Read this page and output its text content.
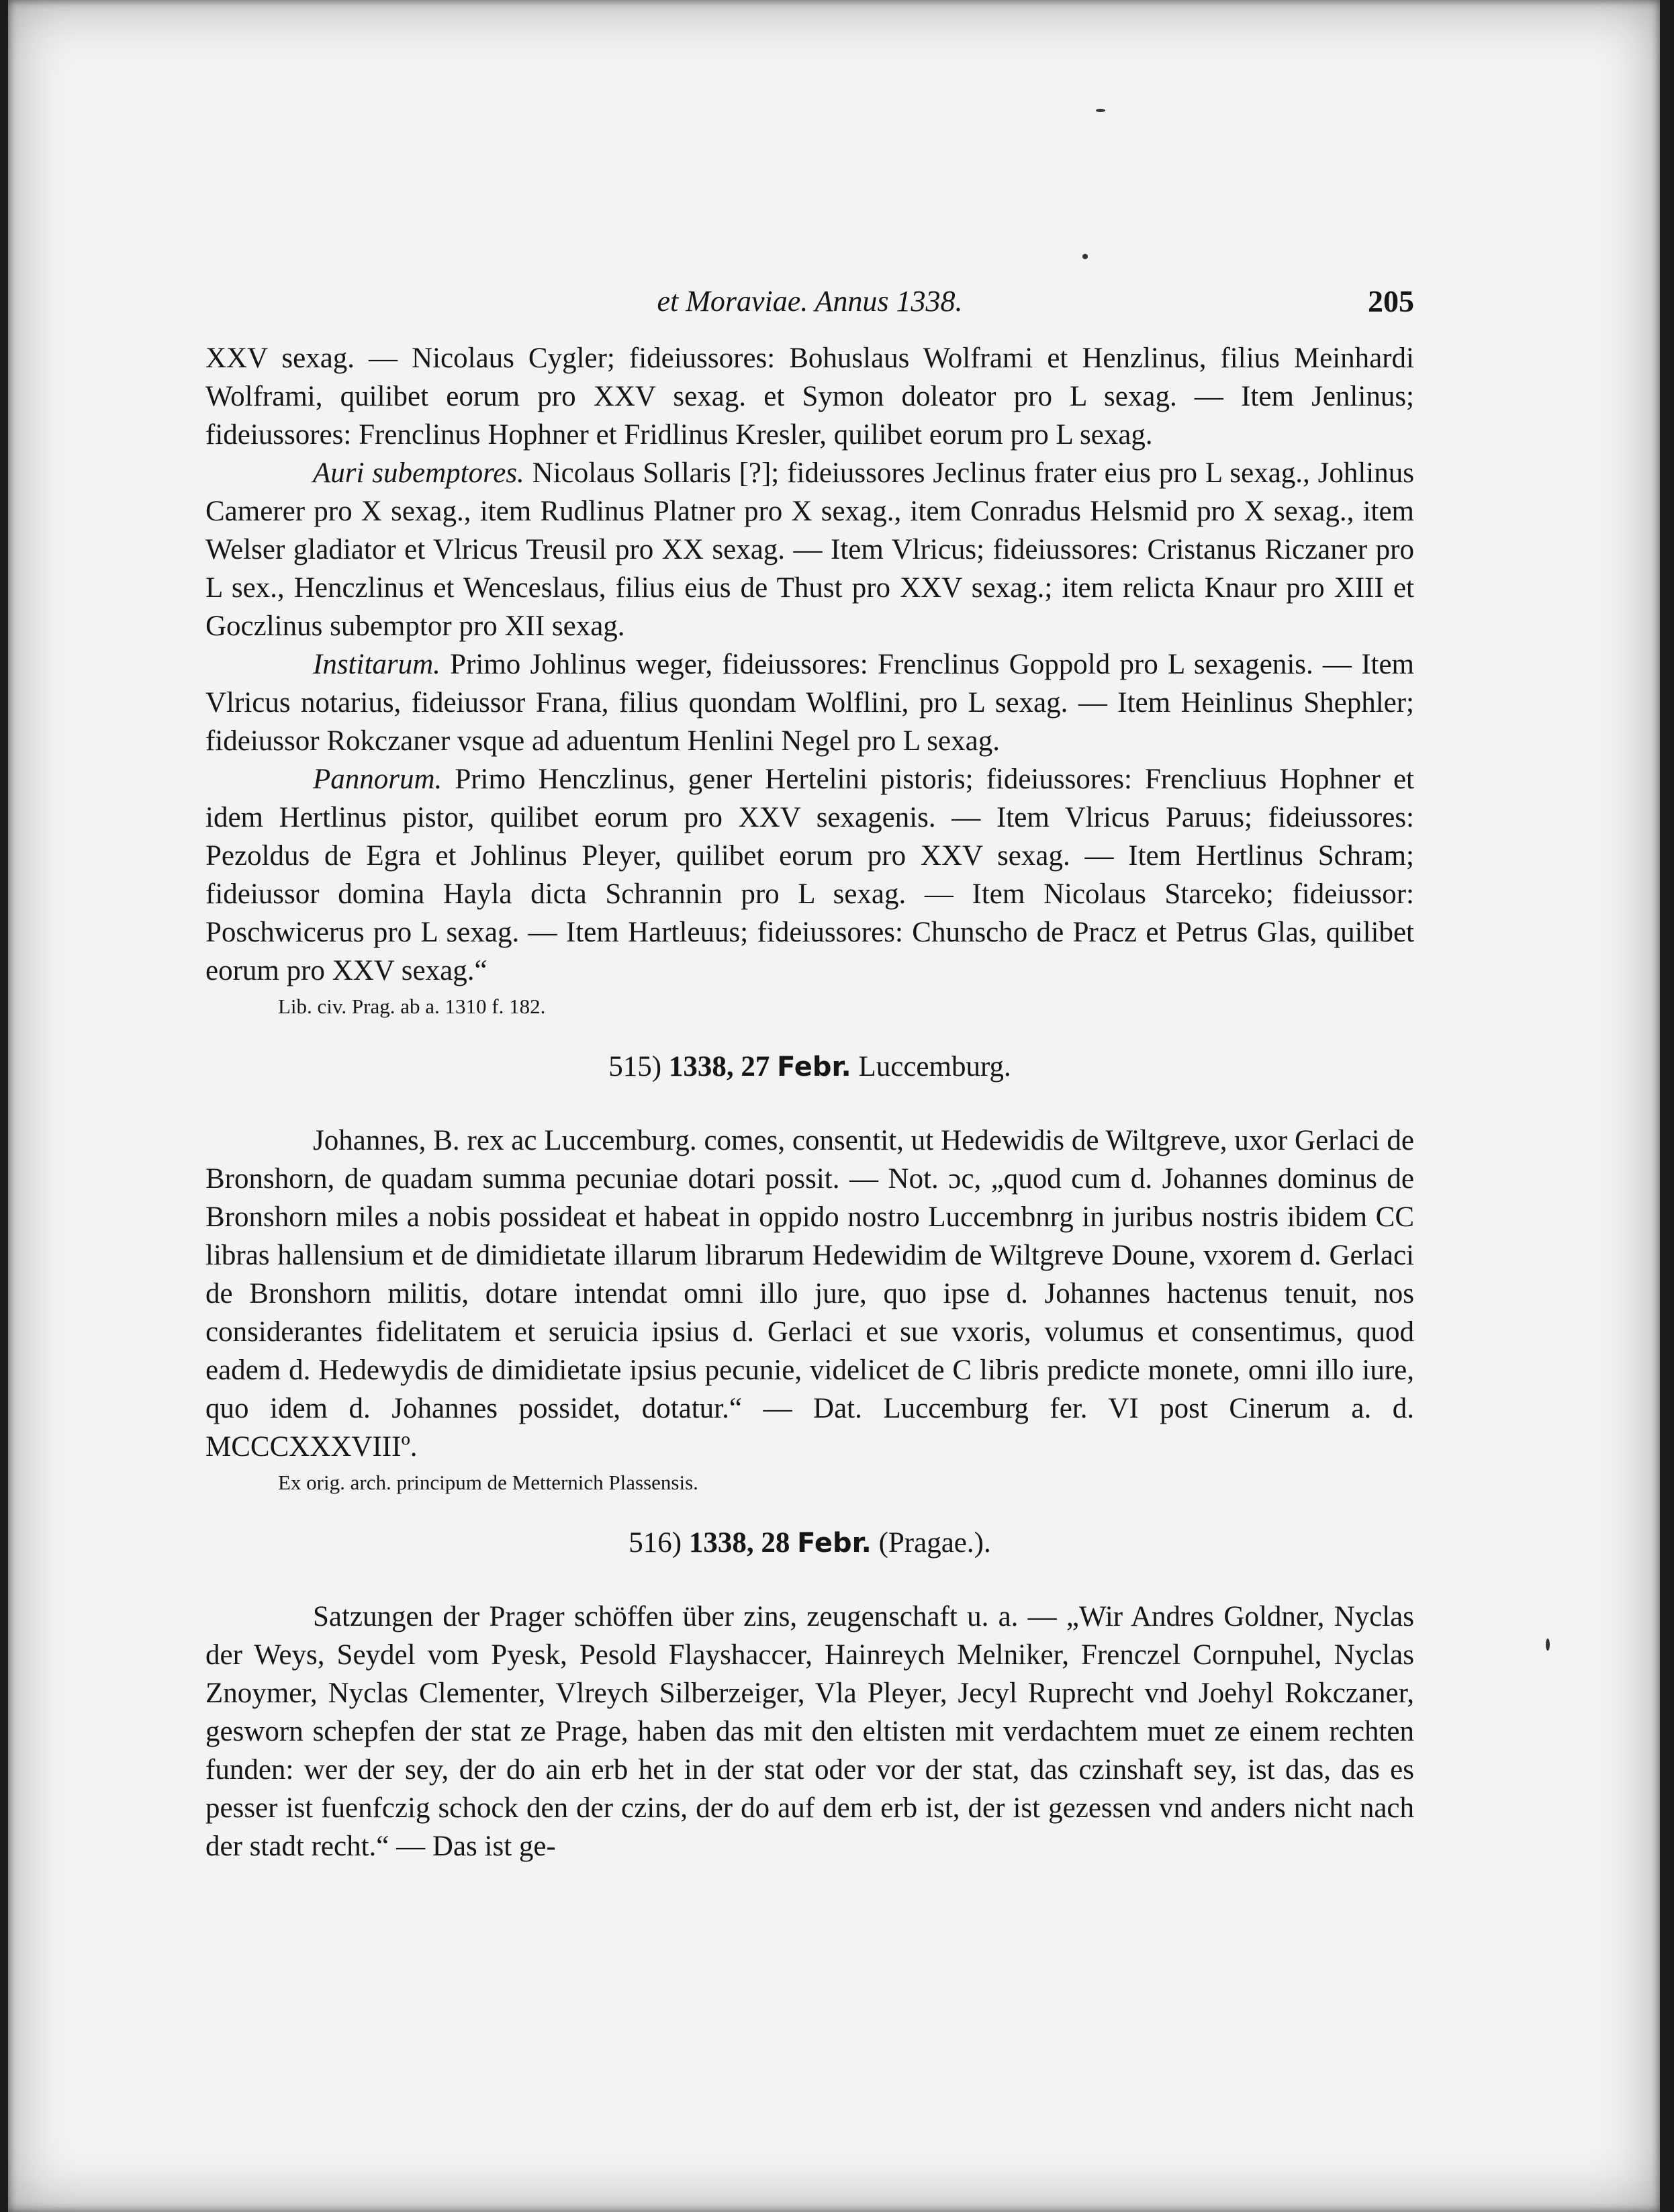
et Moraviae. Annus 1338.	205

XXV sexag. — Nicolaus Cygler; fideiussores: Bohuslaus Wolframi et Henzlinus, filius Meinhardi Wolframi, quilibet eorum pro XXV sexag. et Symon doleator pro L sexag. — Item Jenlinus; fideiussores: Frenclinus Hophner et Fridlinus Kresler, quilibet eorum pro L sexag.

Auri subemptores. Nicolaus Sollaris [?]; fideiussores Jeclinus frater eius pro L sexag., Johlinus Camerer pro X sexag., item Rudlinus Platner pro X sexag., item Conradus Helsmid pro X sexag., item Welser gladiator et Vlricus Treusil pro XX sexag. — Item Vlricus; fideiussores: Cristanus Riczaner pro L sex., Henczlinus et Wenceslaus, filius eius de Thust pro XXV sexag.; item relicta Knaur pro XIII et Goczlinus subemptor pro XII sexag.

Institarum. Primo Johlinus weger, fideiussores: Frenclinus Goppold pro L sexagenis. — Item Vlricus notarius, fideiussor Frana, filius quondam Wolflini, pro L sexag. — Item Heinlinus Shephler; fideiussor Rokczaner vsque ad aduentum Henlini Negel pro L sexag.

Pannorum. Primo Henczlinus, gener Hertelini pistoris; fideiussores: Frencliuus Hophner et idem Hertlinus pistor, quilibet eorum pro XXV sexagenis. — Item Vlricus Paruus; fideiussores: Pezoldus de Egra et Johlinus Pleyer, quilibet eorum pro XXV sexag. — Item Hertlinus Schram; fideiussor domina Hayla dicta Schrannin pro L sexag. — Item Nicolaus Starceko; fideiussor: Poschwicerus pro L sexag. — Item Hartleuus; fideiussores: Chunscho de Pracz et Petrus Glas, quilibet eorum pro XXV sexag.“

Lib. civ. Prag. ab a. 1310 f. 182.

515) 1338, 27 Febr. Luccemburg.

Johannes, B. rex ac Luccemburg. comes, consentit, ut Hedewidis de Wiltgreve, uxor Gerlaci de Bronshorn, de quadam summa pecuniae dotari possit. — Not. ɔc, „quod cum d. Johannes dominus de Bronshorn miles a nobis possideat et habeat in oppido nostro Luccembnrg in juribus nostris ibidem CC libras hallensium et de dimidietate illarum librarum Hedewidim de Wiltgreve Doune, vxorem d. Gerlaci de Bronshorn militis, dotare intendat omni illo jure, quo ipse d. Johannes hactenus tenuit, nos considerantes fidelitatem et seruicia ipsius d. Gerlaci et sue vxoris, volumus et consentimus, quod eadem d. Hedewydis de dimidietate ipsius pecunie, videlicet de C libris predicte monete, omni illo iure, quo idem d. Johannes possidet, dotatur.“ — Dat. Luccemburg fer. VI post Cinerum a. d. MCCCXXXVIIIº.

Ex orig. arch. principum de Metternich Plassensis.

516) 1338, 28 Febr. (Pragae.).

Satzungen der Prager schöffen über zins, zeugenschaft u. a. — „Wir Andres Goldner, Nyclas der Weys, Seydel vom Pyesk, Pesold Flayshaccer, Hainreych Melniker, Frenczel Cornpuhel, Nyclas Znoymer, Nyclas Clementer, Vlreych Silberzeiger, Vla Pleyer, Jecyl Ruprecht vnd Joehyl Rokczaner, gesworn schepfen der stat ze Prage, haben das mit den eltisten mit verdachtem muet ze einem rechten funden: wer der sey, der do ain erb het in der stat oder vor der stat, das czinshaft sey, ist das, das es pesser ist fuenfczig schock den der czins, der do auf dem erb ist, der ist gezessen vnd anders nicht nach der stadt recht.“ — Das ist ge-
